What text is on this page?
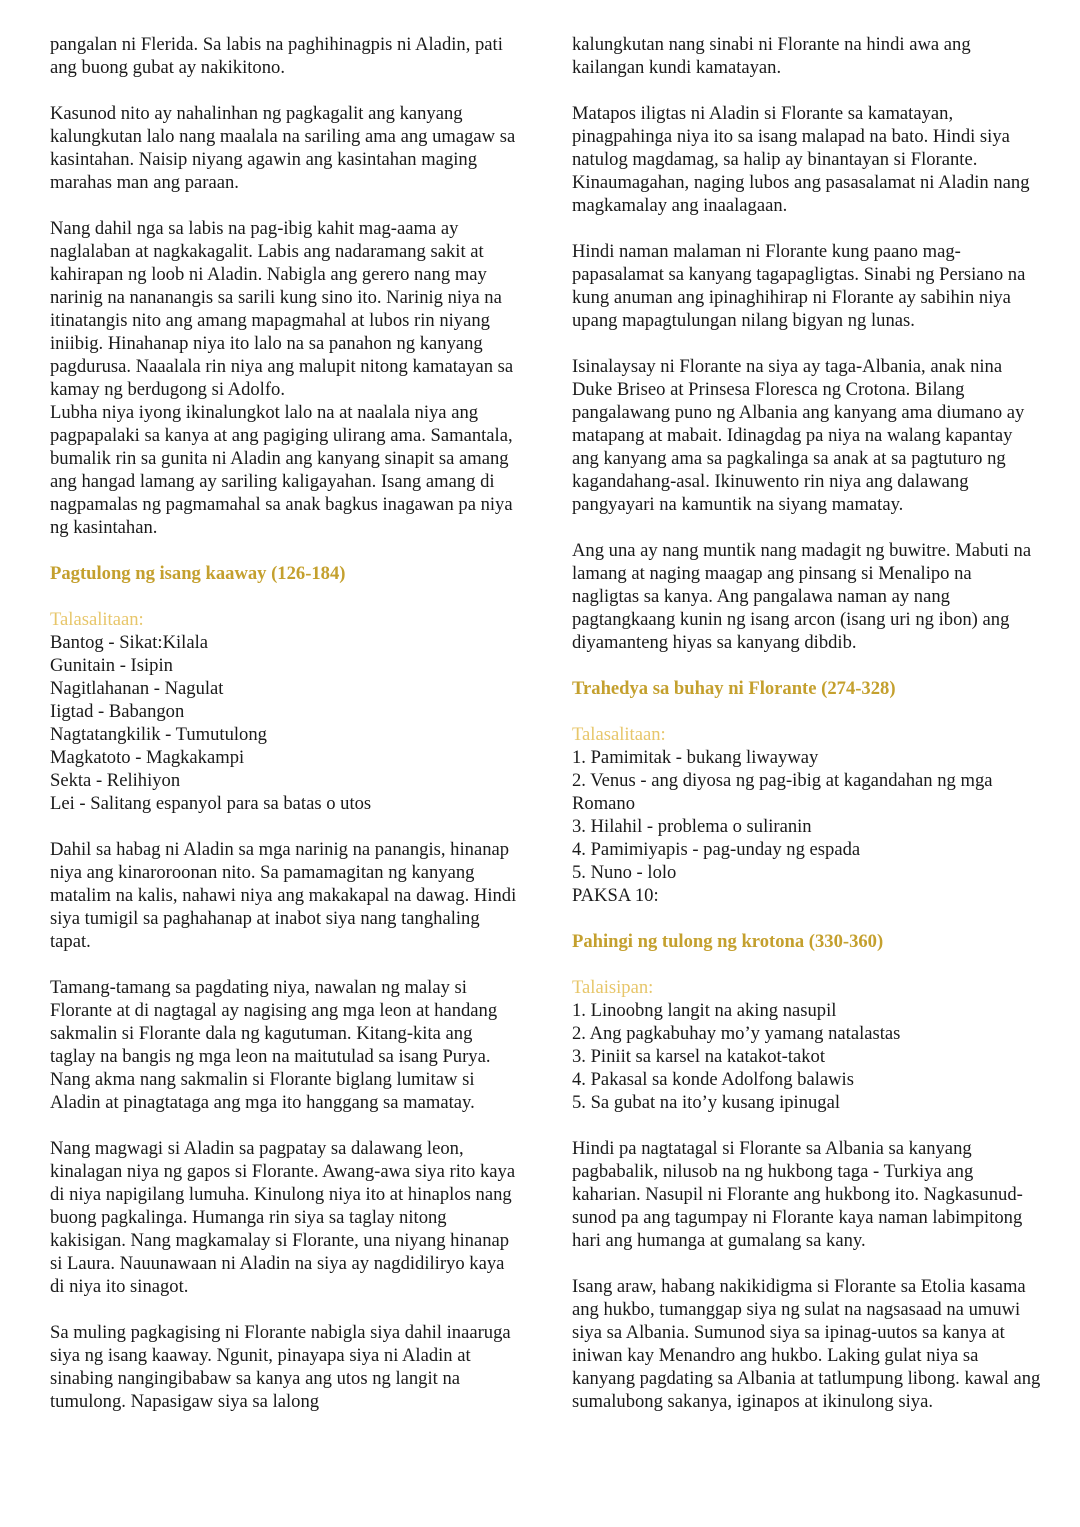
pangalan ni Flerida. Sa labis na paghihinagpis ni Aladin, pati ang buong gubat ay nakikitono.

Kasunod nito ay nahalinhan ng pagkagalit ang kanyang kalungkutan lalo nang maalala na sariling ama ang umagaw sa kasintahan. Naisip niyang agawin ang kasintahan maging marahas man ang paraan.

Nang dahil nga sa labis na pag-ibig kahit mag-aama ay naglalaban at nagkakagalit. Labis ang nadaramang sakit at kahirapan ng loob ni Aladin. Nabigla ang gerero nang may narinig na nananangis sa sarili kung sino ito. Narinig niya na itinatangis nito ang amang mapagmahal at lubos rin niyang iniibig. Hinahanap niya ito lalo na sa panahon ng kanyang pagdurusa. Naaalala rin niya ang malupit nitong kamatayan sa kamay ng berdugong si Adolfo.

Lubha niya iyong ikinalungkot lalo na at naalala niya ang pagpapalaki sa kanya at ang pagiging ulirang ama. Samantala, bumalik rin sa gunita ni Aladin ang kanyang sinapit sa amang ang hangad lamang ay sariling kaligayahan. Isang amang di nagpamalas ng pagmamahal sa anak bagkus inagawan pa niya ng kasintahan.

Pagtulong ng isang kaaway (126-184)
Talasalitaan:
Bantog - Sikat:Kilala
Gunitain - Isipin
Nagitlahanan - Nagulat
Iigtad - Babangon
Nagtatangkilik - Tumutulong
Magkatoto - Magkakampi
Sekta - Relihiyon
Lei - Salitang espanyol para sa batas o utos

Dahil sa habag ni Aladin sa mga narinig na panangis, hinanap niya ang kinaroroonan nito. Sa pamamagitan ng kanyang matalim na kalis, nahawi niya ang makakapal na dawag. Hindi siya tumigil sa paghahanap at inabot siya nang tanghaling tapat.

Tamang-tamang sa pagdating niya, nawalan ng malay si Florante at di nagtagal ay nagising ang mga leon at handang sakmalin si Florante dala ng kagutuman. Kitang-kita ang taglay na bangis ng mga leon na maitutulad sa isang Purya. Nang akma nang sakmalin si Florante biglang lumitaw si Aladin at pinagtataga ang mga ito hanggang sa mamatay.

Nang magwagi si Aladin sa pagpatay sa dalawang leon, kinalagan niya ng gapos si Florante. Awang-awa siya rito kaya di niya napigilang lumuha. Kinulong niya ito at hinaplos nang buong pagkalinga. Humanga rin siya sa taglay nitong kakisigan. Nang magkamalay si Florante, una niyang hinanap si Laura. Nauunawaan ni Aladin na siya ay nagdidiliryo kaya di niya ito sinagot.

Sa muling pagkagising ni Florante nabigla siya dahil inaaruga siya ng isang kaaway. Ngunit, pinayapa siya ni Aladin at sinabing nangingibabaw sa kanya ang utos ng langit na tumulong. Napasigaw siya sa lalong

kalungkutan nang sinabi ni Florante na hindi awa ang kailangan kundi kamatayan.

Matapos iligtas ni Aladin si Florante sa kamatayan, pinagpahinga niya ito sa isang malapad na bato. Hindi siya natulog magdamag, sa halip ay binantayan si Florante. Kinaumagahan, naging lubos ang pasasalamat ni Aladin nang magkamalay ang inaalagaan.

Hindi naman malaman ni Florante kung paano mag-papasalamat sa kanyang tagapagligtas. Sinabi ng Persiano na kung anuman ang ipinaghihirap ni Florante ay sabihin niya upang mapagtulungan nilang bigyan ng lunas.

Isinalaysay ni Florante na siya ay taga-Albania, anak nina Duke Briseo at Prinsesa Floresca ng Crotona. Bilang pangalawang puno ng Albania ang kanyang ama diumano ay matapang at mabait. Idinagdag pa niya na walang kapantay ang kanyang ama sa pagkalinga sa anak at sa pagtuturo ng kagandahang-asal. Ikinuwento rin niya ang dalawang pangyayari na kamuntik na siyang mamatay.

Ang una ay nang muntik nang madagit ng buwitre. Mabuti na lamang at naging maagap ang pinsang si Menalipo na nagligtas sa kanya. Ang pangalawa naman ay nang pagtangkaang kunin ng isang arcon (isang uri ng ibon) ang diyamanteng hiyas sa kanyang dibdib.

Trahedya sa buhay ni Florante (274-328)
Talasalitaan:
1. Pamimitak - bukang liwayway
2. Venus - ang diyosa ng pag-ibig at kagandahan ng mga Romano
3. Hilahil - problema o suliranin
4. Pamimiyapis - pag-unday ng espada
5. Nuno - lolo
PAKSA 10:
Pahingi ng tulong ng krotona (330-360)
Talaisipan:
1. Linoobng langit na aking nasupil
2. Ang pagkabuhay mo’y yamang natalastas
3. Piniit sa karsel na katakot-takot
4. Pakasal sa konde Adolfong balawis
5. Sa gubat na ito’y kusang ipinugal

Hindi pa nagtatagal si Florante sa Albania sa kanyang pagbabalik, nilusob na ng hukbong taga - Turkiya ang kaharian. Nasupil ni Florante ang hukbong ito. Nagkasunud-sunod pa ang tagumpay ni Florante kaya naman labimpitong hari ang humanga at gumalang sa kany.

Isang araw, habang nakikidigma si Florante sa Etolia kasama ang hukbo, tumanggap siya ng sulat na nagsasaad na umuwi siya sa Albania. Sumunod siya sa ipinag-uutos sa kanya at iniwan kay Menandro ang hukbo. Laking gulat niya sa kanyang pagdating sa Albania at tatlumpung libong. kawal ang sumalubong sakanya, iginapos at ikinulong siya.
